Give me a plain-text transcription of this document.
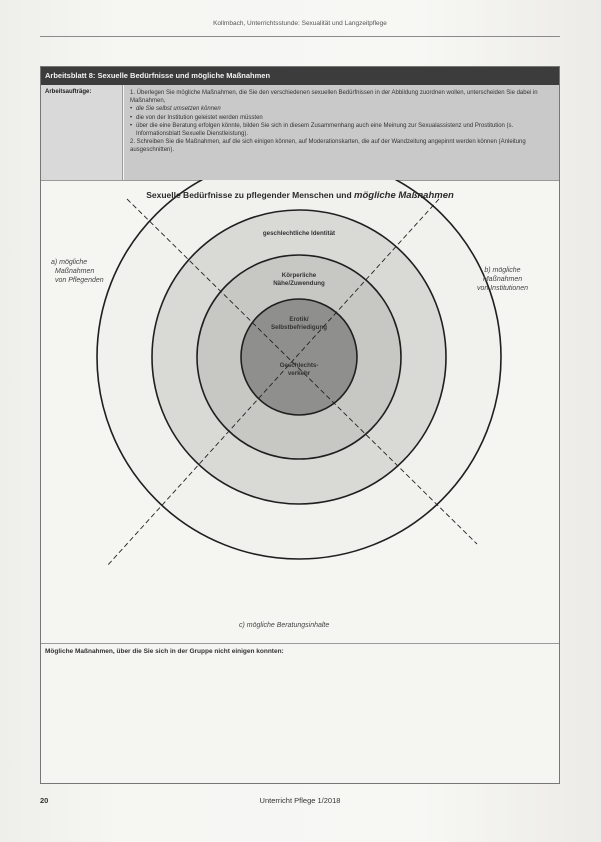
Kollmbach, Unterrichtsstunde: Sexualität und Langzeitpflege
Arbeitsblatt 8: Sexuelle Bedürfnisse und mögliche Maßnahmen
Arbeitsaufträge:	1. Überlegen Sie mögliche Maßnahmen, die Sie den verschiedenen sexuellen Bedürfnissen in der Abbildung zuordnen wollen, unterscheiden Sie dabei in Maßnahmen,

• die Sie selbst umsetzen können

• die von der Institution geleistet werden müssten

• über die eine Beratung erfolgen könnte, bilden Sie sich in diesem Zusammenhang auch eine Meinung zur Sexualassistenz und Prostitution (s. Informationsblatt Sexuelle Dienstleistung).

2. Schreiben Sie die Maßnahmen, auf die sich einigen können, auf Moderationskarten, die auf der Wandzeitung angepinnt werden können (Anleitung ausgeschnitten).

Sexuelle Bedürfnisse zu pflegender Menschen und mögliche Maßnahmen
a) mögliche
Maßnahmen
von Pflegenden
b) mögliche
Maßnahmen
von Institutionen
c) mögliche Beratungsinhalte
geschlechtliche Identität
Körperliche
Nähe/Zuwendung
Erotik/
Selbstbefriedigung
Geschlechts-
verkehr
Mögliche Maßnahmen, über die Sie sich in der Gruppe nicht einigen konnten:
20	Unterricht Pflege 1/2018
